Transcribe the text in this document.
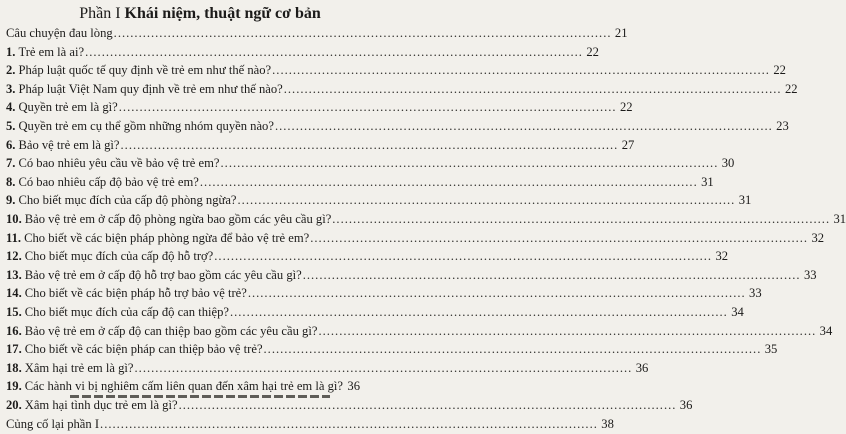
Phần I Khái niệm, thuật ngữ cơ bản
Câu chuyện đau lòng ........................................................................................................................ 21
1. Trẻ em là ai? ........................................................................................................................ 22
2. Pháp luật quốc tế quy định về trẻ em như thế nào? ........................................................................................................................ 22
3. Pháp luật Việt Nam quy định về trẻ em như thế nào? ........................................................................................................................ 22
4. Quyền trẻ em là gì? ........................................................................................................................ 22
5. Quyền trẻ em cụ thể gồm những nhóm quyền nào? ........................................................................................................................ 23
6. Bảo vệ trẻ em là gì? ........................................................................................................................ 27
7. Có bao nhiêu yêu cầu về bảo vệ trẻ em? ........................................................................................................................ 30
8. Có bao nhiêu cấp độ bảo vệ trẻ em? ........................................................................................................................ 31
9. Cho biết mục đích của cấp độ phòng ngừa? ........................................................................................................................ 31
10. Bảo vệ trẻ em ở cấp độ phòng ngừa bao gồm các yêu cầu gì? ........................................................................................................................ 31
11. Cho biết về các biện pháp phòng ngừa để bảo vệ trẻ em? ........................................................................................................................ 32
12. Cho biết mục đích của cấp độ hỗ trợ? ........................................................................................................................ 32
13. Bảo vệ trẻ em ở cấp độ hỗ trợ bao gồm các yêu cầu gì? ........................................................................................................................ 33
14. Cho biết về các biện pháp hỗ trợ bảo vệ trẻ? ........................................................................................................................ 33
15. Cho biết mục đích của cấp độ can thiệp? ........................................................................................................................ 34
16. Bảo vệ trẻ em ở cấp độ can thiệp bao gồm các yêu cầu gì? ........................................................................................................................ 34
17. Cho biết về các biện pháp can thiệp bảo vệ trẻ? ........................................................................................................................ 35
18. Xâm hại trẻ em là gì? ........................................................................................................................ 36
19. Các hành vi bị nghiêm cấm liên quan đến xâm hại trẻ em là gì? 36
20. Xâm hại tình dục trẻ em là gì? ........................................................................................................................ 36
Củng cố lại phần I ........................................................................................................................ 38
